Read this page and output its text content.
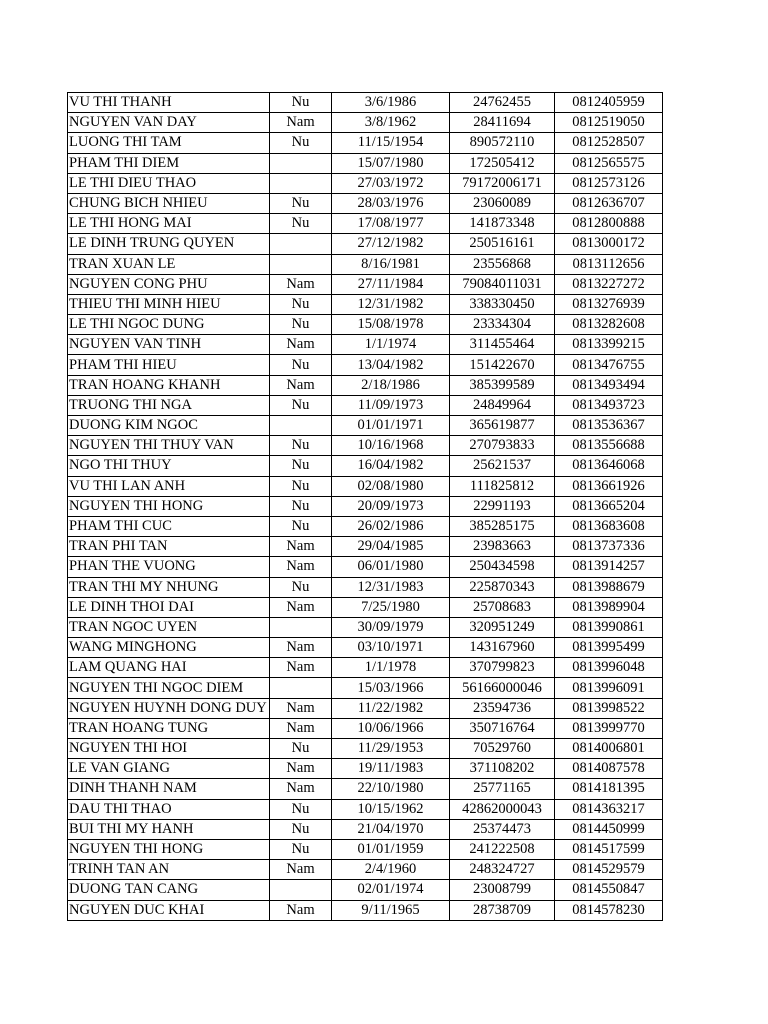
VU THI THANH	Nu	3/6/1986	24762455	0812405959
NGUYEN VAN DAY	Nam	3/8/1962	28411694	0812519050
LUONG THI TAM	Nu	11/15/1954	890572110	0812528507
PHAM THI DIEM		15/07/1980	172505412	0812565575
LE THI DIEU THAO		27/03/1972	79172006171	0812573126
CHUNG BICH NHIEU	Nu	28/03/1976	23060089	0812636707
LE THI HONG MAI	Nu	17/08/1977	141873348	0812800888
LE DINH TRUNG QUYEN		27/12/1982	250516161	0813000172
TRAN XUAN LE		8/16/1981	23556868	0813112656
NGUYEN CONG PHU	Nam	27/11/1984	79084011031	0813227272
THIEU THI MINH HIEU	Nu	12/31/1982	338330450	0813276939
LE THI NGOC DUNG	Nu	15/08/1978	23334304	0813282608
NGUYEN VAN TINH	Nam	1/1/1974	311455464	0813399215
PHAM THI HIEU	Nu	13/04/1982	151422670	0813476755
TRAN HOANG KHANH	Nam	2/18/1986	385399589	0813493494
TRUONG THI NGA	Nu	11/09/1973	24849964	0813493723
DUONG KIM NGOC		01/01/1971	365619877	0813536367
NGUYEN THI THUY VAN	Nu	10/16/1968	270793833	0813556688
NGO THI THUY	Nu	16/04/1982	25621537	0813646068
VU THI LAN ANH	Nu	02/08/1980	111825812	0813661926
NGUYEN THI HONG	Nu	20/09/1973	22991193	0813665204
PHAM THI CUC	Nu	26/02/1986	385285175	0813683608
TRAN PHI TAN	Nam	29/04/1985	23983663	0813737336
PHAN THE VUONG	Nam	06/01/1980	250434598	0813914257
TRAN THI MY NHUNG	Nu	12/31/1983	225870343	0813988679
LE DINH THOI DAI	Nam	7/25/1980	25708683	0813989904
TRAN NGOC UYEN		30/09/1979	320951249	0813990861
WANG MINGHONG	Nam	03/10/1971	143167960	0813995499
LAM QUANG HAI	Nam	1/1/1978	370799823	0813996048
NGUYEN THI NGOC DIEM		15/03/1966	56166000046	0813996091
NGUYEN HUYNH DONG DUY	Nam	11/22/1982	23594736	0813998522
TRAN HOANG TUNG	Nam	10/06/1966	350716764	0813999770
NGUYEN THI HOI	Nu	11/29/1953	70529760	0814006801
LE VAN GIANG	Nam	19/11/1983	371108202	0814087578
DINH THANH NAM	Nam	22/10/1980	25771165	0814181395
DAU THI THAO	Nu	10/15/1962	42862000043	0814363217
BUI THI MY HANH	Nu	21/04/1970	25374473	0814450999
NGUYEN THI HONG	Nu	01/01/1959	241222508	0814517599
TRINH TAN AN	Nam	2/4/1960	248324727	0814529579
DUONG TAN CANG		02/01/1974	23008799	0814550847
NGUYEN DUC KHAI	Nam	9/11/1965	28738709	0814578230
